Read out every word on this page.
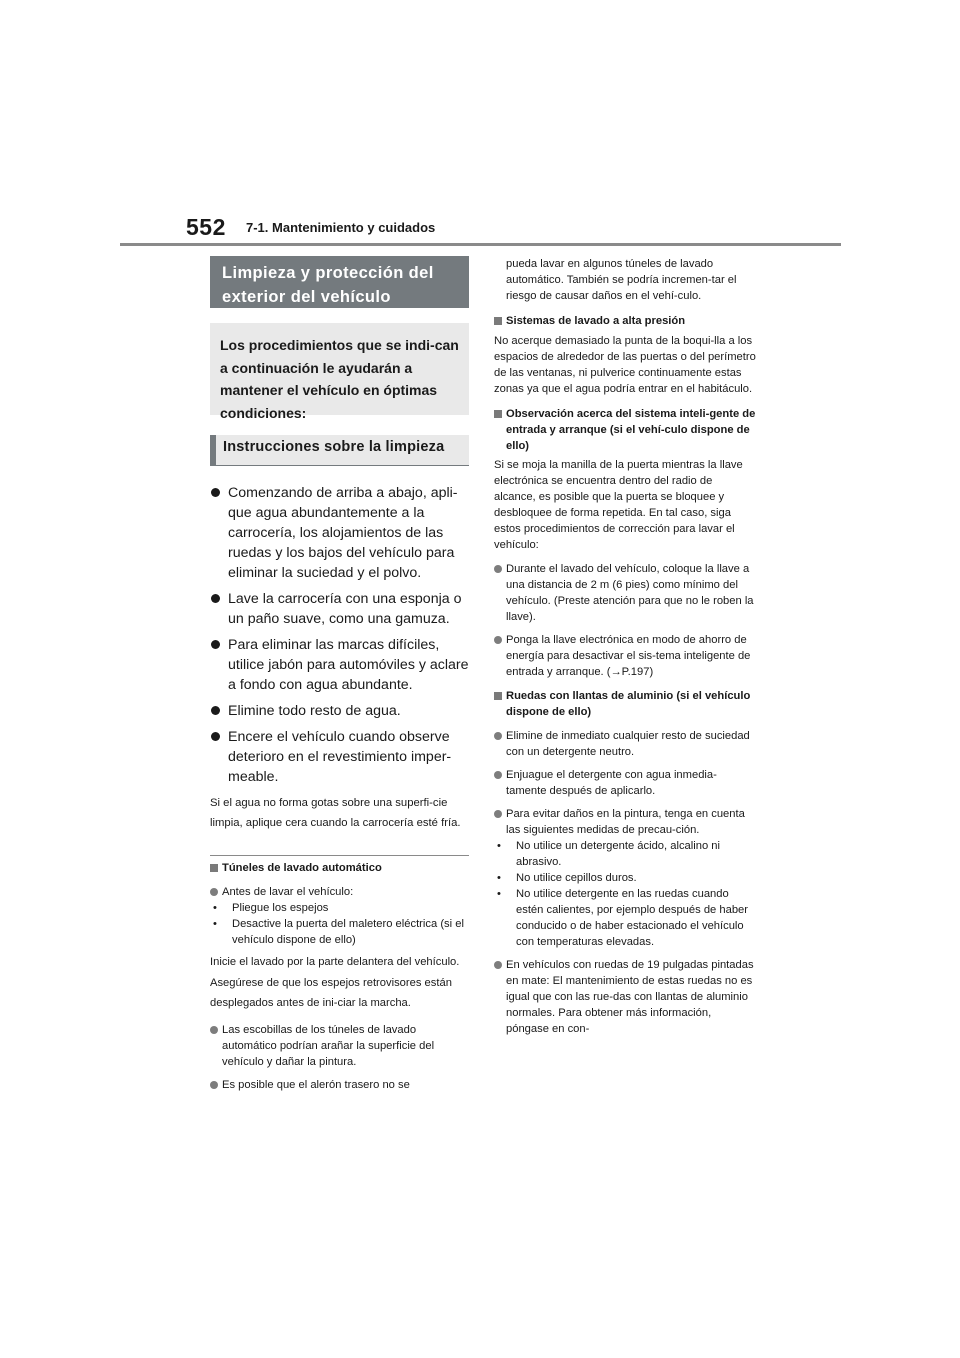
552 7-1. Mantenimiento y cuidados
Limpieza y protección del exterior del vehículo
Los procedimientos que se indi-can a continuación le ayudarán a mantener el vehículo en óptimas condiciones:
Instrucciones sobre la limpieza
Comenzando de arriba a abajo, apli-que agua abundantemente a la carrocería, los alojamientos de las ruedas y los bajos del vehículo para eliminar la suciedad y el polvo.
Lave la carrocería con una esponja o un paño suave, como una gamuza.
Para eliminar las marcas difíciles, utilice jabón para automóviles y aclare a fondo con agua abundante.
Elimine todo resto de agua.
Encere el vehículo cuando observe deterioro en el revestimiento imper-meable.
Si el agua no forma gotas sobre una superfi-cie limpia, aplique cera cuando la carrocería esté fría.
Túneles de lavado automático
Antes de lavar el vehículo:
• Pliegue los espejos
• Desactive la puerta del maletero eléctrica (si el vehículo dispone de ello)
Inicie el lavado por la parte delantera del vehículo. Asegúrese de que los espejos retrovisores están desplegados antes de ini-ciar la marcha.
Las escobillas de los túneles de lavado automático podrían arañar la superficie del vehículo y dañar la pintura.
Es posible que el alerón trasero no se
pueda lavar en algunos túneles de lavado automático. También se podría incremen-tar el riesgo de causar daños en el vehí-culo.
Sistemas de lavado a alta presión
No acerque demasiado la punta de la boqui-lla a los espacios de alrededor de las puertas o del perímetro de las ventanas, ni pulverice continuamente estas zonas ya que el agua podría entrar en el habitáculo.
Observación acerca del sistema inteli-gente de entrada y arranque (si el vehí-culo dispone de ello)
Si se moja la manilla de la puerta mientras la llave electrónica se encuentra dentro del radio de alcance, es posible que la puerta se bloquee y desbloquee de forma repetida. En tal caso, siga estos procedimientos de corrección para lavar el vehículo:
Durante el lavado del vehículo, coloque la llave a una distancia de 2 m (6 pies) como mínimo del vehículo. (Preste atención para que no le roben la llave).
Ponga la llave electrónica en modo de ahorro de energía para desactivar el sis-tema inteligente de entrada y arranque. (→P.197)
Ruedas con llantas de aluminio (si el vehículo dispone de ello)
Elimine de inmediato cualquier resto de suciedad con un detergente neutro.
Enjuague el detergente con agua inmedia-tamente después de aplicarlo.
Para evitar daños en la pintura, tenga en cuenta las siguientes medidas de precau-ción.
• No utilice un detergente ácido, alcalino ni abrasivo.
• No utilice cepillos duros.
• No utilice detergente en las ruedas cuando estén calientes, por ejemplo después de haber conducido o de haber estacionado el vehículo con temperaturas elevadas.
En vehículos con ruedas de 19 pulgadas pintadas en mate: El mantenimiento de estas ruedas no es igual que con las rue-das con llantas de aluminio normales. Para obtener más información, póngase en con-
